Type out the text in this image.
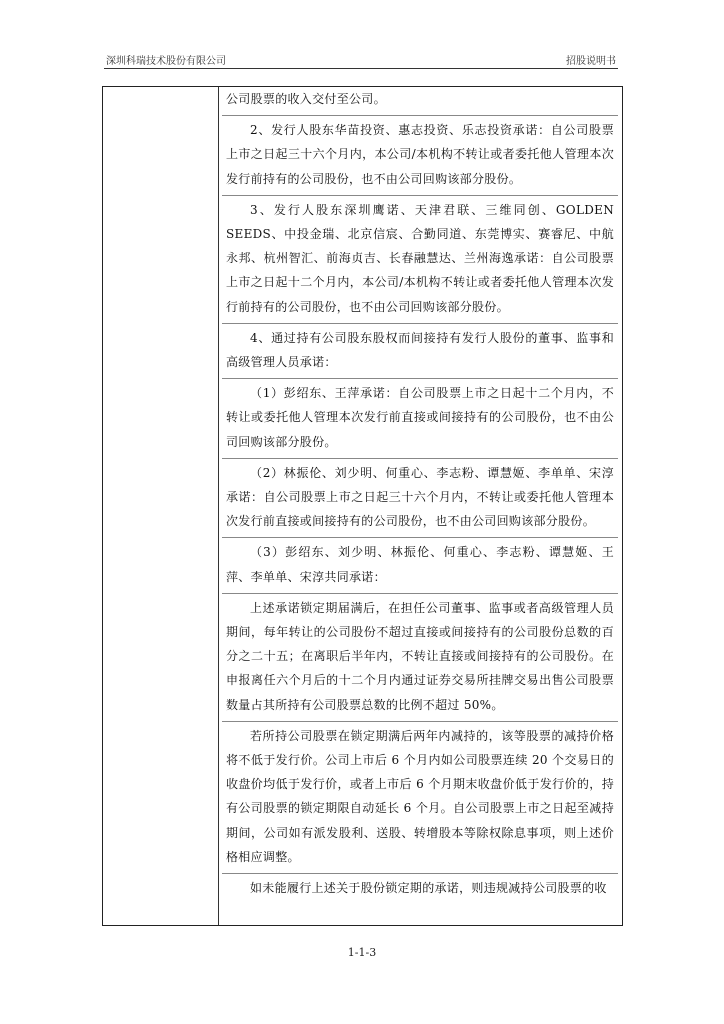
深圳科瑞技术股份有限公司	招股说明书

公司股票的收入交付至公司。

2、发行人股东华苗投资、惠志投资、乐志投资承诺：自公司股票上市之日起三十六个月内，本公司/本机构不转让或者委托他人管理本次发行前持有的公司股份，也不由公司回购该部分股份。

3、发行人股东深圳鹰诺、天津君联、三维同创、GOLDEN SEEDS、中投金瑞、北京信宸、合勤同道、东莞博实、赛睿尼、中航永邦、杭州智汇、前海贞吉、长春融慧达、兰州海逸承诺：自公司股票上市之日起十二个月内，本公司/本机构不转让或者委托他人管理本次发行前持有的公司股份，也不由公司回购该部分股份。

4、通过持有公司股东股权而间接持有发行人股份的董事、监事和高级管理人员承诺：

（1）彭绍东、王萍承诺：自公司股票上市之日起十二个月内，不转让或委托他人管理本次发行前直接或间接持有的公司股份，也不由公司回购该部分股份。

（2）林振伦、刘少明、何重心、李志粉、谭慧姬、李单单、宋淳承诺：自公司股票上市之日起三十六个月内，不转让或委托他人管理本次发行前直接或间接持有的公司股份，也不由公司回购该部分股份。

（3）彭绍东、刘少明、林振伦、何重心、李志粉、谭慧姬、王萍、李单单、宋淳共同承诺：

上述承诺锁定期届满后，在担任公司董事、监事或者高级管理人员期间，每年转让的公司股份不超过直接或间接持有的公司股份总数的百分之二十五；在离职后半年内，不转让直接或间接持有的公司股份。在申报离任六个月后的十二个月内通过证券交易所挂牌交易出售公司股票数量占其所持有公司股票总数的比例不超过 50%。

若所持公司股票在锁定期满后两年内减持的，该等股票的减持价格将不低于发行价。公司上市后 6 个月内如公司股票连续 20 个交易日的收盘价均低于发行价，或者上市后 6 个月期末收盘价低于发行价的，持有公司股票的锁定期限自动延长 6 个月。自公司股票上市之日起至减持期间，公司如有派发股利、送股、转增股本等除权除息事项，则上述价格相应调整。

如未能履行上述关于股份锁定期的承诺，则违规减持公司股票的收

1-1-3
